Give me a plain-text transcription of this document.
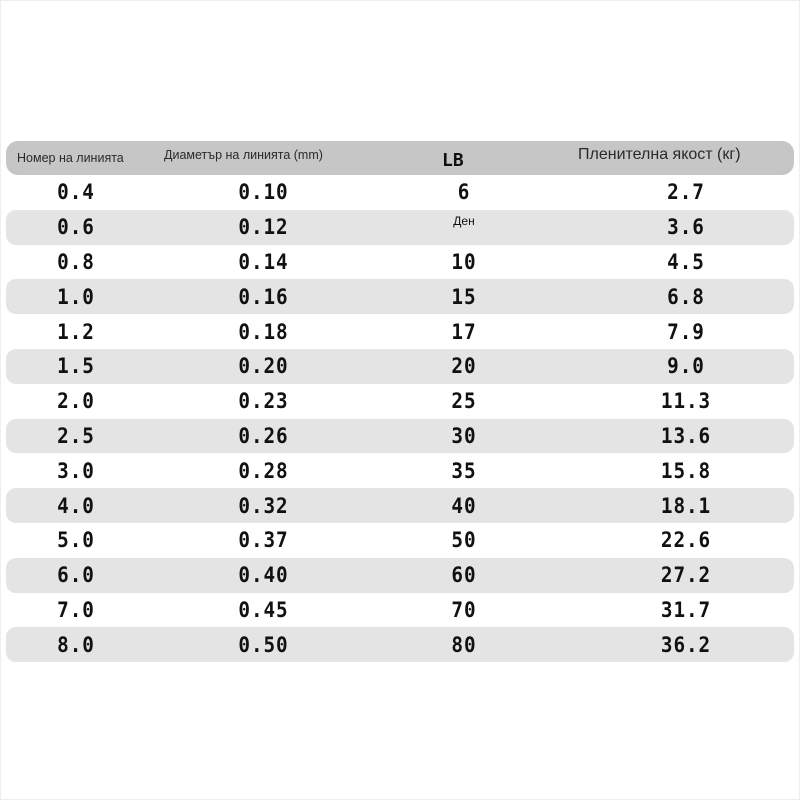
Номер на линията	Диаметър на линията (mm)	LB	Пленителна якост (кг)
0.4	0.10	6	2.7
0.6	0.12	Ден	3.6
0.8	0.14	10	4.5
1.0	0.16	15	6.8
1.2	0.18	17	7.9
1.5	0.20	20	9.0
2.0	0.23	25	11.3
2.5	0.26	30	13.6
3.0	0.28	35	15.8
4.0	0.32	40	18.1
5.0	0.37	50	22.6
6.0	0.40	60	27.2
7.0	0.45	70	31.7
8.0	0.50	80	36.2
